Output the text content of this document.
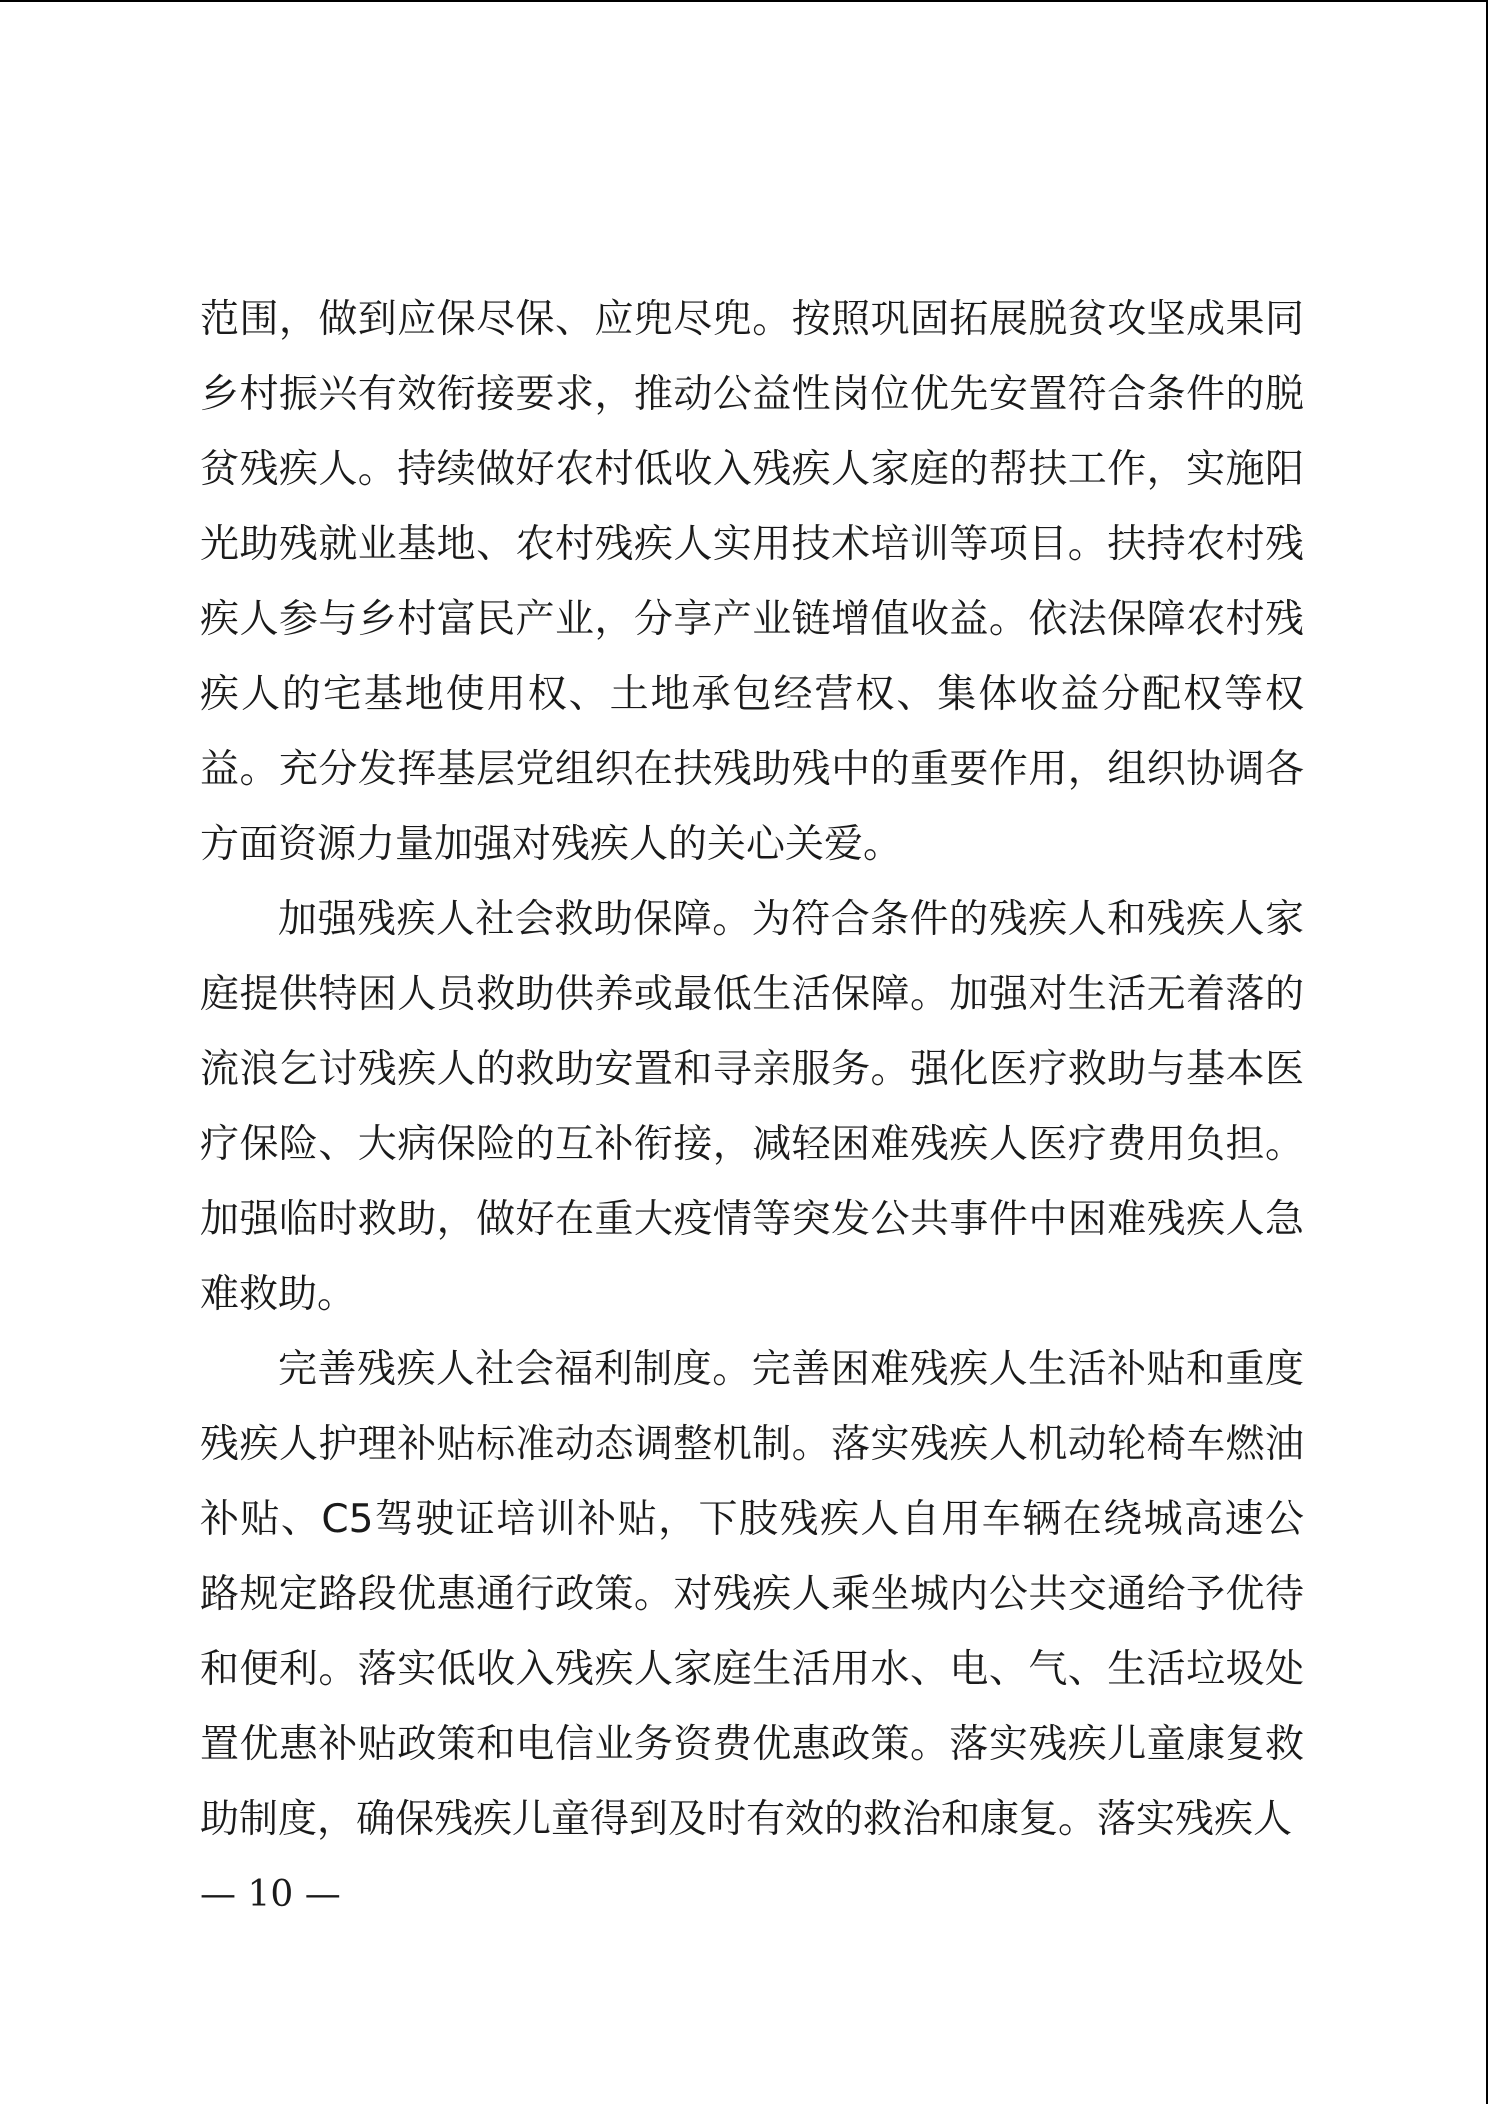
范围，做到应保尽保、应兜尽兜。按照巩固拓展脱贫攻坚成果同乡村振兴有效衔接要求，推动公益性岗位优先安置符合条件的脱贫残疾人。持续做好农村低收入残疾人家庭的帮扶工作，实施阳光助残就业基地、农村残疾人实用技术培训等项目。扶持农村残疾人参与乡村富民产业，分享产业链增值收益。依法保障农村残疾人的宅基地使用权、土地承包经营权、集体收益分配权等权益。充分发挥基层党组织在扶残助残中的重要作用，组织协调各方面资源力量加强对残疾人的关心关爱。

加强残疾人社会救助保障。为符合条件的残疾人和残疾人家庭提供特困人员救助供养或最低生活保障。加强对生活无着落的流浪乞讨残疾人的救助安置和寻亲服务。强化医疗救助与基本医疗保险、大病保险的互补衔接，减轻困难残疾人医疗费用负担。加强临时救助，做好在重大疫情等突发公共事件中困难残疾人急难救助。

完善残疾人社会福利制度。完善困难残疾人生活补贴和重度残疾人护理补贴标准动态调整机制。落实残疾人机动轮椅车燃油补贴、C5驾驶证培训补贴，下肢残疾人自用车辆在绕城高速公路规定路段优惠通行政策。对残疾人乘坐城内公共交通给予优待和便利。落实低收入残疾人家庭生活用水、电、气、生活垃圾处置优惠补贴政策和电信业务资费优惠政策。落实残疾儿童康复救助制度，确保残疾儿童得到及时有效的救治和康复。落实残疾人

— 10 —
